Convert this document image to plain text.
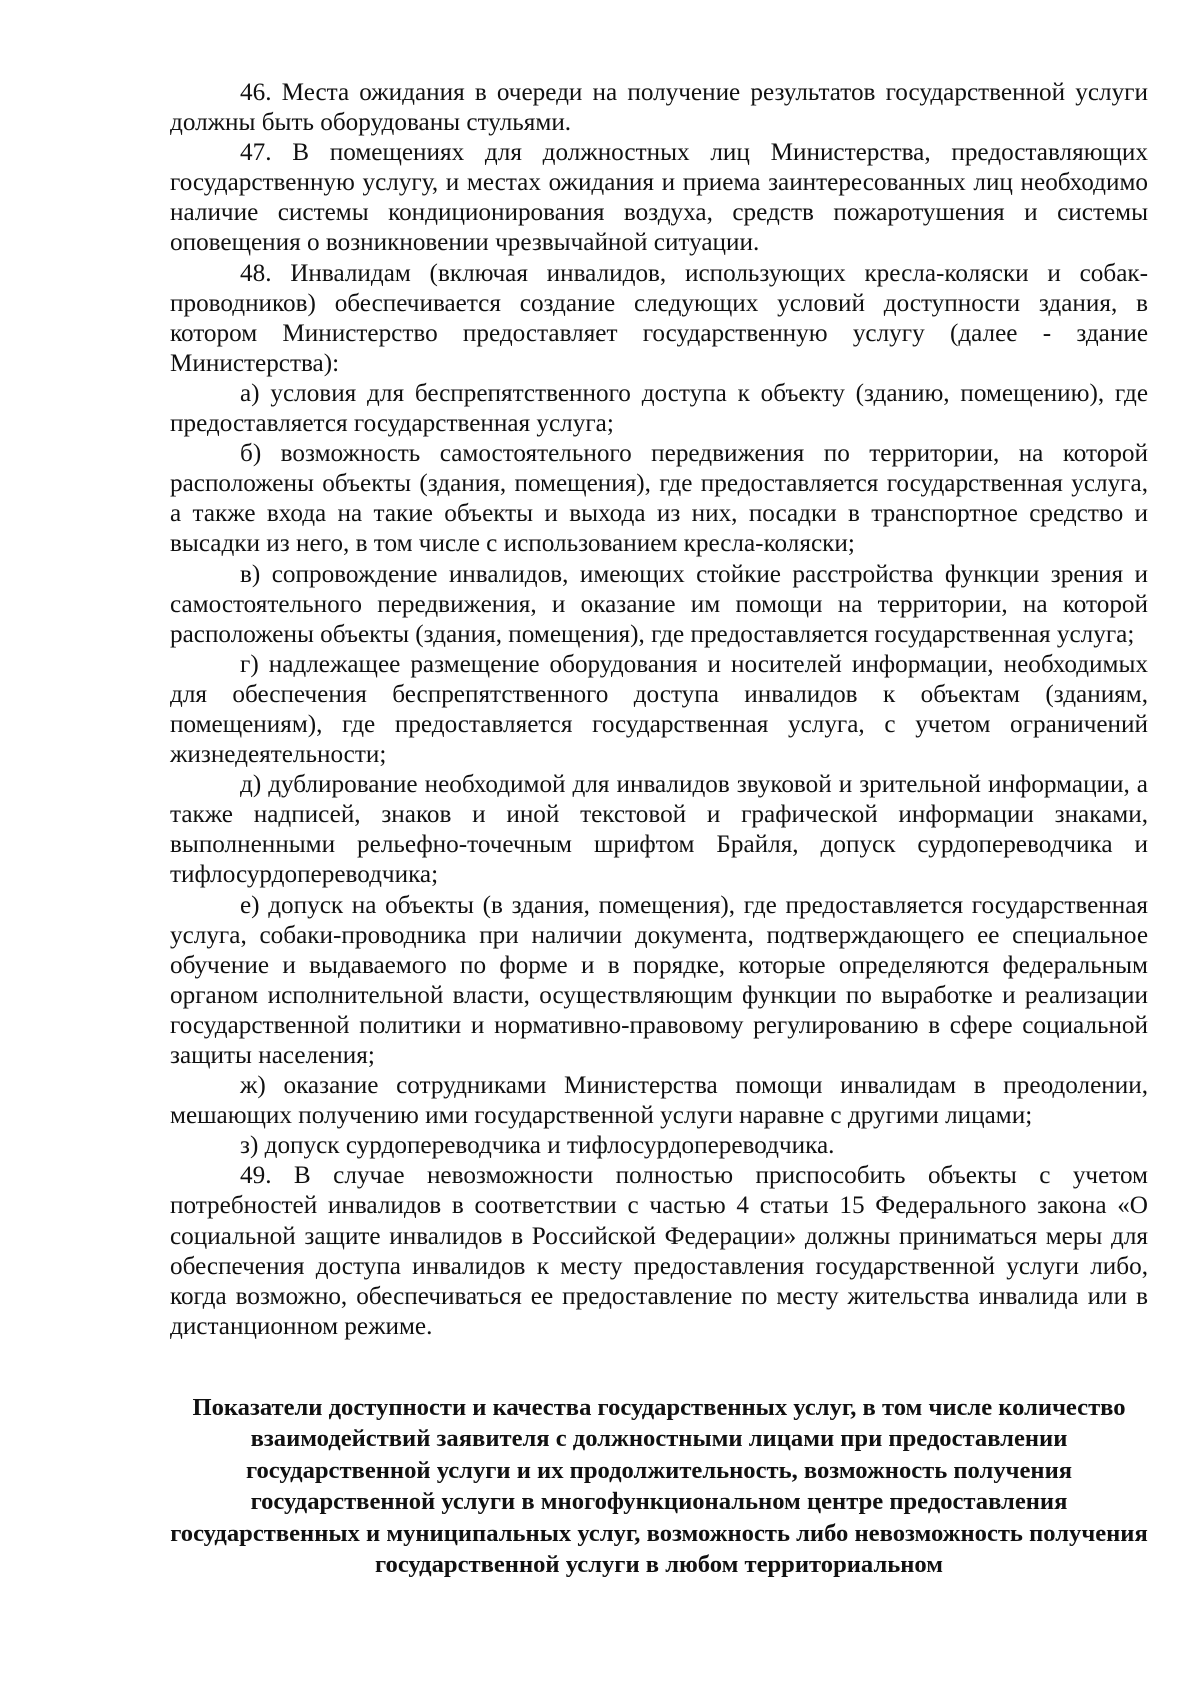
46. Места ожидания в очереди на получение результатов государственной услуги должны быть оборудованы стульями.

47. В помещениях для должностных лиц Министерства, предоставляющих государственную услугу, и местах ожидания и приема заинтересованных лиц необходимо наличие системы кондиционирования воздуха, средств пожаротушения и системы оповещения о возникновении чрезвычайной ситуации.

48. Инвалидам (включая инвалидов, использующих кресла-коляски и собак-проводников) обеспечивается создание следующих условий доступности здания, в котором Министерство предоставляет государственную услугу (далее - здание Министерства):

а) условия для беспрепятственного доступа к объекту (зданию, помещению), где предоставляется государственная услуга;

б) возможность самостоятельного передвижения по территории, на которой расположены объекты (здания, помещения), где предоставляется государственная услуга, а также входа на такие объекты и выхода из них, посадки в транспортное средство и высадки из него, в том числе с использованием кресла-коляски;

в) сопровождение инвалидов, имеющих стойкие расстройства функции зрения и самостоятельного передвижения, и оказание им помощи на территории, на которой расположены объекты (здания, помещения), где предоставляется государственная услуга;

г) надлежащее размещение оборудования и носителей информации, необходимых для обеспечения беспрепятственного доступа инвалидов к объектам (зданиям, помещениям), где предоставляется государственная услуга, с учетом ограничений жизнедеятельности;

д) дублирование необходимой для инвалидов звуковой и зрительной информации, а также надписей, знаков и иной текстовой и графической информации знаками, выполненными рельефно-точечным шрифтом Брайля, допуск сурдопереводчика и тифлосурдопереводчика;

е) допуск на объекты (в здания, помещения), где предоставляется государственная услуга, собаки-проводника при наличии документа, подтверждающего ее специальное обучение и выдаваемого по форме и в порядке, которые определяются федеральным органом исполнительной власти, осуществляющим функции по выработке и реализации государственной политики и нормативно-правовому регулированию в сфере социальной защиты населения;

ж) оказание сотрудниками Министерства помощи инвалидам в преодолении, мешающих получению ими государственной услуги наравне с другими лицами;

з) допуск сурдопереводчика и тифлосурдопереводчика.

49. В случае невозможности полностью приспособить объекты с учетом потребностей инвалидов в соответствии с частью 4 статьи 15 Федерального закона «О социальной защите инвалидов в Российской Федерации» должны приниматься меры для обеспечения доступа инвалидов к месту предоставления государственной услуги либо, когда возможно, обеспечиваться ее предоставление по месту жительства инвалида или в дистанционном режиме.

Показатели доступности и качества государственных услуг, в том числе количество взаимодействий заявителя с должностными лицами при предоставлении государственной услуги и их продолжительность, возможность получения государственной услуги в многофункциональном центре предоставления государственных и муниципальных услуг, возможность либо невозможность получения государственной услуги в любом территориальном
